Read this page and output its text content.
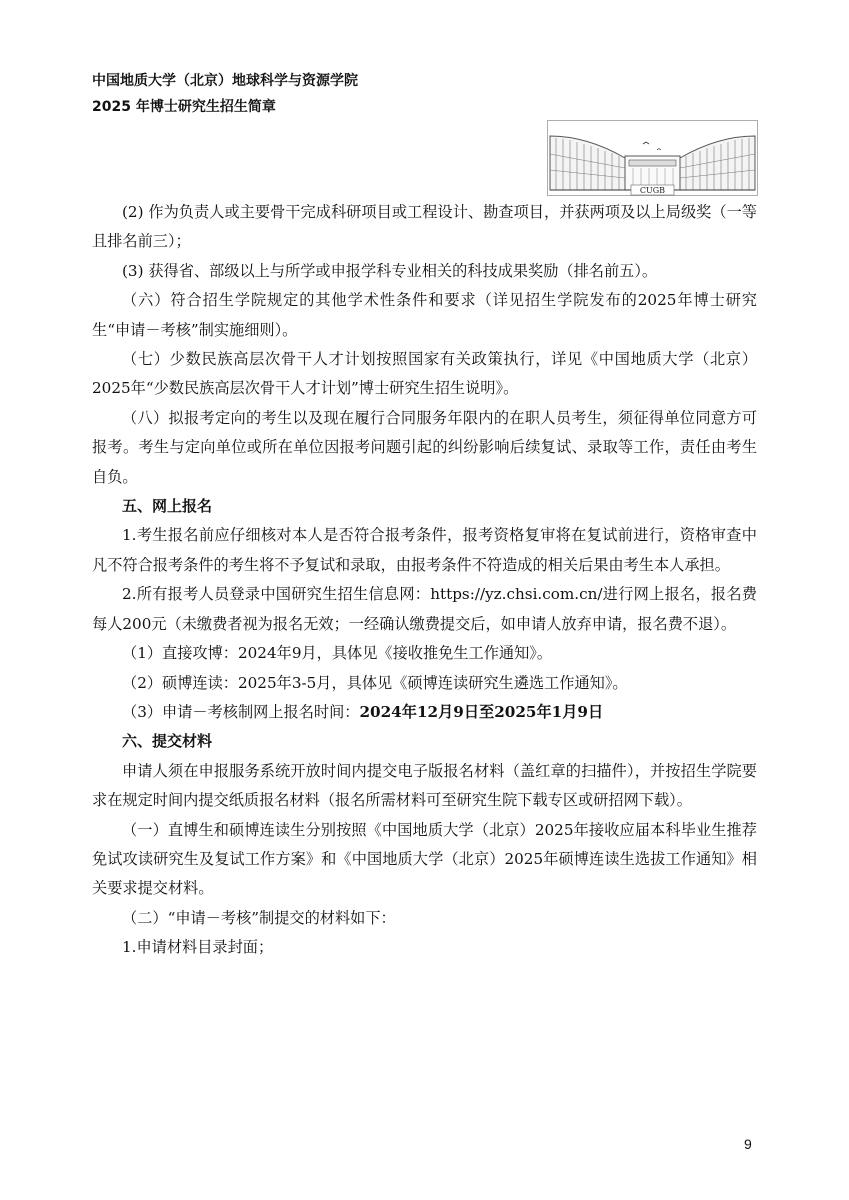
中国地质大学（北京）地球科学与资源学院
2025 年博士研究生招生简章
CUGB

(2) 作为负责人或主要骨干完成科研项目或工程设计、勘查项目，并获两项及以上局级奖（一等且排名前三）；

(3) 获得省、部级以上与所学或申报学科专业相关的科技成果奖励（排名前五）。

（六）符合招生学院规定的其他学术性条件和要求（详见招生学院发布的2025年博士研究生“申请－考核”制实施细则）。

（七）少数民族高层次骨干人才计划按照国家有关政策执行，详见《中国地质大学（北京）2025年“少数民族高层次骨干人才计划”博士研究生招生说明》。

（八）拟报考定向的考生以及现在履行合同服务年限内的在职人员考生，须征得单位同意方可报考。考生与定向单位或所在单位因报考问题引起的纠纷影响后续复试、录取等工作，责任由考生自负。

五、网上报名

1.考生报名前应仔细核对本人是否符合报考条件，报考资格复审将在复试前进行，资格审查中凡不符合报考条件的考生将不予复试和录取，由报考条件不符造成的相关后果由考生本人承担。

2.所有报考人员登录中国研究生招生信息网：https://yz.chsi.com.cn/进行网上报名，报名费每人200元（未缴费者视为报名无效；一经确认缴费提交后，如申请人放弃申请，报名费不退）。

（1）直接攻博：2024年9月，具体见《接收推免生工作通知》。

（2）硕博连读：2025年3-5月，具体见《硕博连读研究生遴选工作通知》。

（3）申请－考核制网上报名时间：2024年12月9日至2025年1月9日

六、提交材料

申请人须在申报服务系统开放时间内提交电子版报名材料（盖红章的扫描件），并按招生学院要求在规定时间内提交纸质报名材料（报名所需材料可至研究生院下载专区或研招网下载）。

（一）直博生和硕博连读生分别按照《中国地质大学（北京）2025年接收应届本科毕业生推荐免试攻读研究生及复试工作方案》和《中国地质大学（北京）2025年硕博连读生选拔工作通知》相关要求提交材料。

（二）“申请－考核”制提交的材料如下：

1.申请材料目录封面；

9
